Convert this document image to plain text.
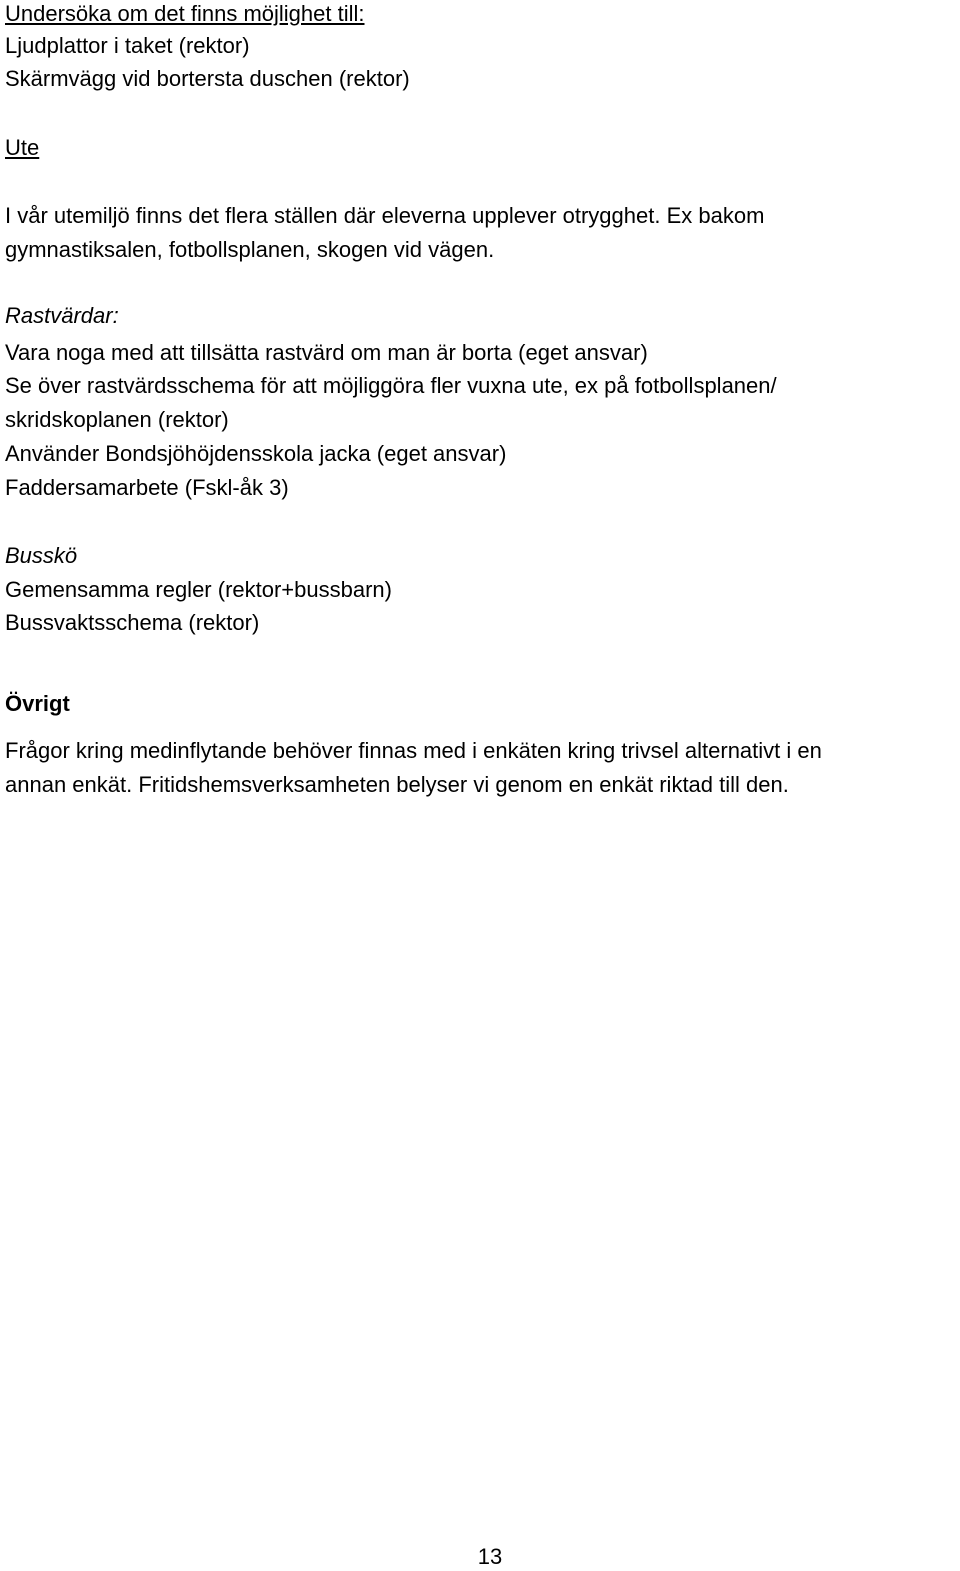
Undersöka om det finns möjlighet till:

Ljudplattor i taket (rektor)

Skärmvägg vid bortersta duschen (rektor)

Ute

I vår utemiljö finns det flera ställen där eleverna upplever otrygghet. Ex bakom

gymnastiksalen, fotbollsplanen, skogen vid vägen.

Rastvärdar:

Vara noga med att tillsätta rastvärd om man är borta (eget ansvar)

Se över rastvärdsschema för att möjliggöra fler vuxna ute, ex på fotbollsplanen/

skridskoplanen (rektor)

Använder Bondsjöhöjdensskola jacka (eget ansvar)

Faddersamarbete (Fskl-åk 3)

Busskö

Gemensamma regler (rektor+bussbarn)

Bussvaktsschema (rektor)

Övrigt

Frågor kring medinflytande behöver finnas med i enkäten kring trivsel alternativt i en

annan enkät. Fritidshemsverksamheten belyser vi genom en enkät riktad till den.

13
